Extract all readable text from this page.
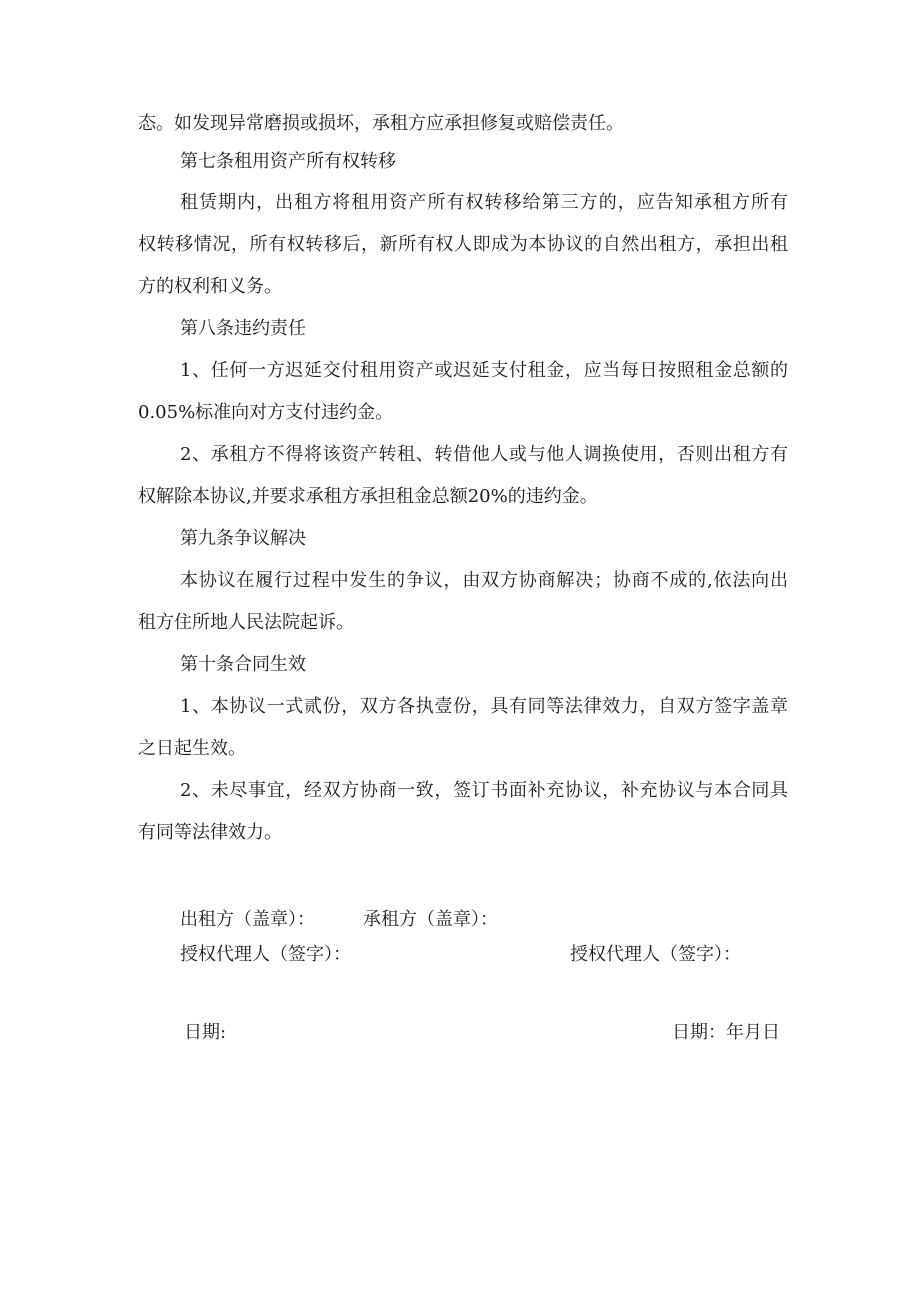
态。如发现异常磨损或损坏，承租方应承担修复或赔偿责任。
第七条租用资产所有权转移
租赁期内，出租方将租用资产所有权转移给第三方的，应告知承租方所有
权转移情况，所有权转移后，新所有权人即成为本协议的自然出租方，承担出租
方的权利和义务。
第八条违约责任
1、任何一方迟延交付租用资产或迟延支付租金，应当每日按照租金总额的
0.05%标准向对方支付违约金。
2、承租方不得将该资产转租、转借他人或与他人调换使用，否则出租方有
权解除本协议,并要求承租方承担租金总额20%的违约金。
第九条争议解决
本协议在履行过程中发生的争议，由双方协商解决；协商不成的,依法向出
租方住所地人民法院起诉。
第十条合同生效
1、本协议一式贰份，双方各执壹份，具有同等法律效力，自双方签字盖章
之日起生效。
2、未尽事宜，经双方协商一致，签订书面补充协议，补充协议与本合同具
有同等法律效力。
出租方（盖章）：	承租方（盖章）：
授权代理人（签字）：	授权代理人（签字）：
日期:	日期：年月日
